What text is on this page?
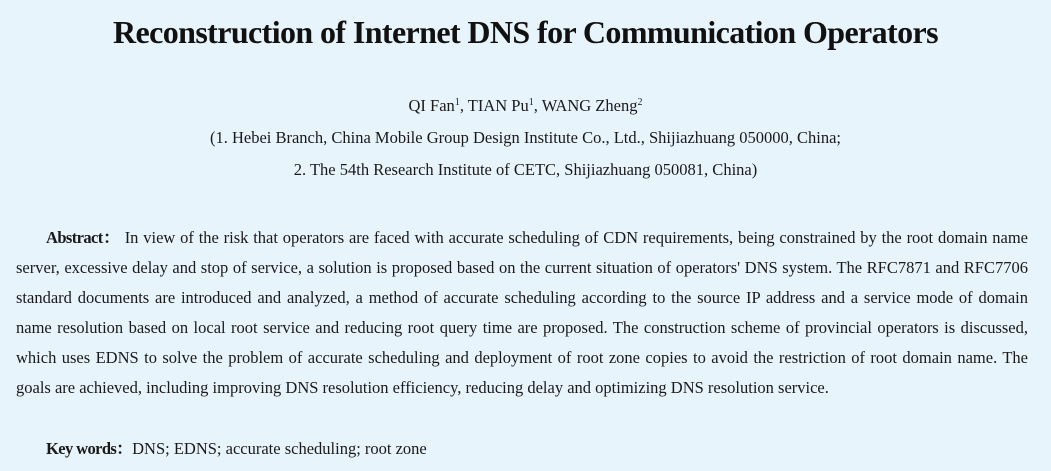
Reconstruction of Internet DNS for Communication Operators
QI Fan$^1$, TIAN Pu$^1$, WANG Zheng$^2$
(1. Hebei Branch, China Mobile Group Design Institute Co., Ltd., Shijiazhuang 050000, China;
2. The 54th Research Institute of CETC, Shijiazhuang 050081, China)
Abstract： In view of the risk that operators are faced with accurate scheduling of CDN requirements, being constrained by the root domain name server, excessive delay and stop of service, a solution is proposed based on the current situation of operators' DNS system. The RFC7871 and RFC7706 standard documents are introduced and analyzed, a method of accurate scheduling according to the source IP address and a service mode of domain name resolution based on local root service and reducing root query time are proposed. The construction scheme of provincial operators is discussed, which uses EDNS to solve the problem of accurate scheduling and deployment of root zone copies to avoid the restriction of root domain name. The goals are achieved, including improving DNS resolution efficiency, reducing delay and optimizing DNS resolution service.
Key words：DNS; EDNS; accurate scheduling; root zone
